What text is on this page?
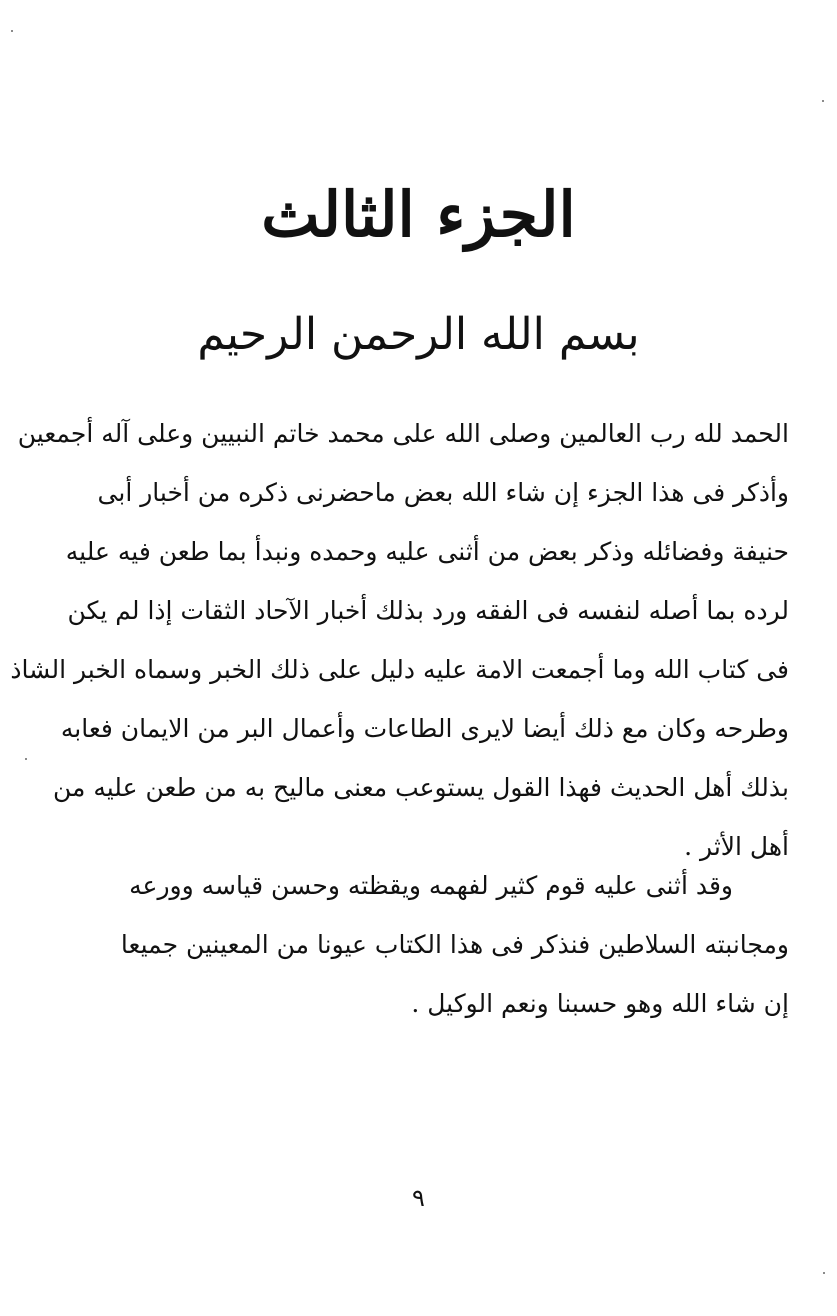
الجزء الثالث
بسم الله الرحمن الرحيم
الحمد لله رب العالمين وصلى الله على محمد خاتم النبيين وعلى آله أجمعين
وأذكر فى هذا الجزء إن شاء الله بعض ماحضرنى ذكره من أخبار أبى
حنيفة وفضائله وذكر بعض من أثنى عليه وحمده ونبدأ بما طعن فيه عليه
لرده بما أصله لنفسه فى الفقه ورد بذلك أخبار الآحاد الثقات إذا لم يكن
فى كتاب الله وما أجمعت الامة عليه دليل على ذلك الخبر وسماه الخبر الشاذ
وطرحه وكان مع ذلك أيضا لايرى الطاعات وأعمال البر من الايمان فعابه
بذلك أهل الحديث فهذا القول يستوعب معنى ماليح به من طعن عليه من
أهل الأثر .
وقد أثنى عليه قوم كثير لفهمه ويقظته وحسن قياسه وورعه
ومجانبته السلاطين فنذكر فى هذا الكتاب عيونا من المعينين جميعا
إن شاء الله وهو حسبنا ونعم الوكيل .
٩
